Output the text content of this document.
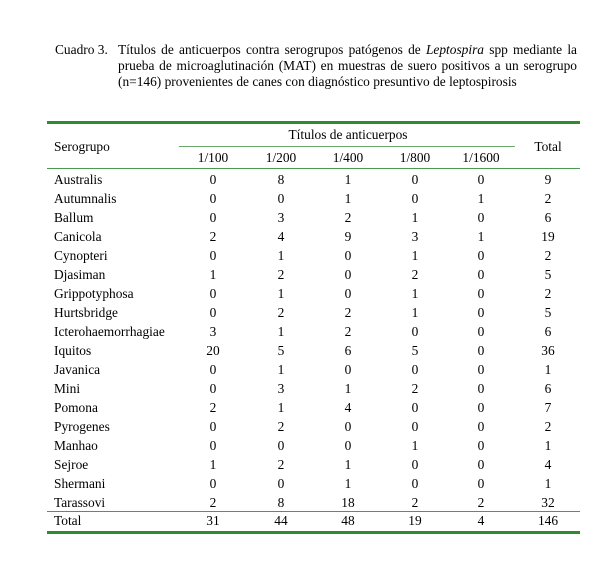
Cuadro 3. Títulos de anticuerpos contra serogrupos patógenos de Leptospira spp mediante la prueba de microaglutinación (MAT) en muestras de suero positivos a un serogrupo (n=146) provenientes de canes con diagnóstico presuntivo de leptospirosis
Serogrupo
Títulos de anticuerpos
Total
1/100	1/200	1/400	1/800 1/1600
Australis	0	8	1	0	0	9
Autumnalis	0	0	1	0	1	2
Ballum	0	3	2	1	0	6
Canicola	2	4	9	3	1	19
Cynopteri	0	1	0	1	0	2
Djasiman	1	2	0	2	0	5
Grippotyphosa	0	1	0	1	0	2
Hurtsbridge	0	2	2	1	0	5
Icterohaemorrhagiae	3	1	2	0	0	6
Iquitos	20	5	6	5	0	36
Javanica	0	1	0	0	0	1
Mini	0	3	1	2	0	6
Pomona	2	1	4	0	0	7
Pyrogenes	0	2	0	0	0	2
Manhao	0	0	0	1	0	1
Sejroe	1	2	1	0	0	4
Shermani	0	0	1	0	0	1
Tarassovi	2	8	18	2	2	32
Total	31	44	48	19	4	146
